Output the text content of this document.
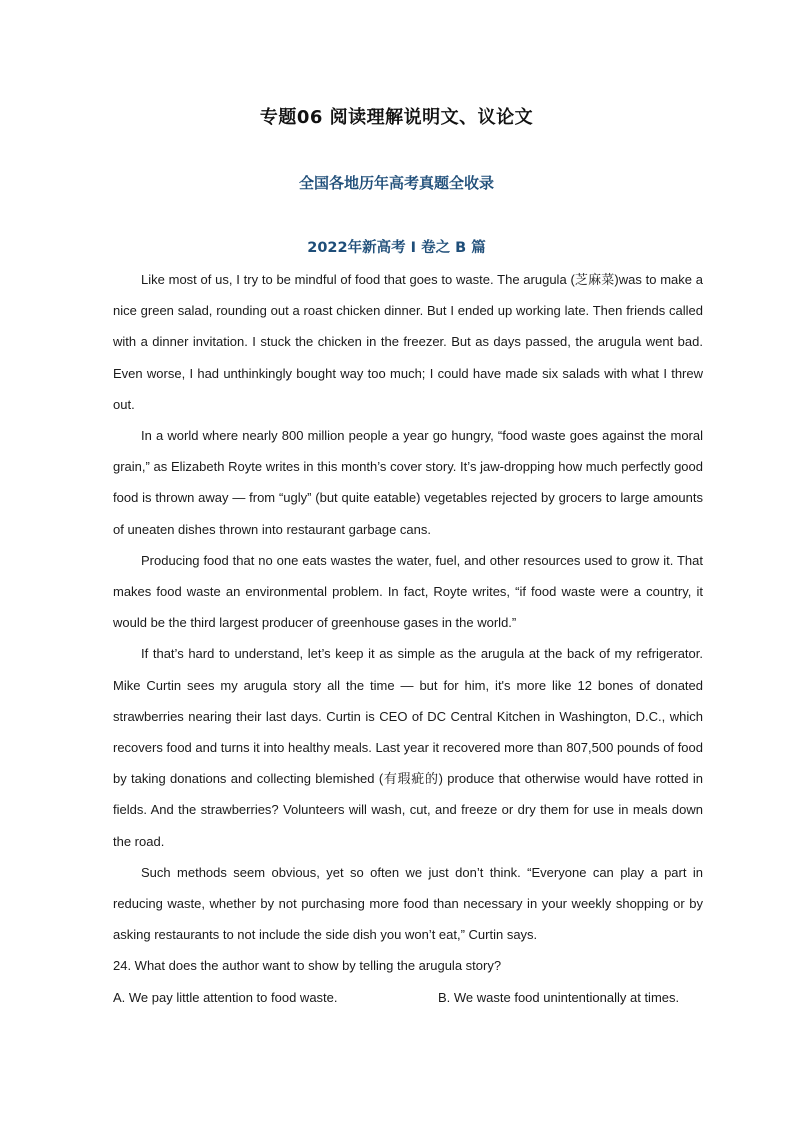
专题06 阅读理解说明文、议论文
全国各地历年高考真题全收录
2022年新高考 I 卷之 B 篇

Like most of us, I try to be mindful of food that goes to waste. The arugula (芝麻菜)was to make a nice green salad, rounding out a roast chicken dinner. But I ended up working late. Then friends called with a dinner invitation. I stuck the chicken in the freezer. But as days passed, the arugula went bad. Even worse, I had unthinkingly bought way too much; I could have made six salads with what I threw out.

In a world where nearly 800 million people a year go hungry, “food waste goes against the moral grain,” as Elizabeth Royte writes in this month’s cover story. It’s jaw-dropping how much perfectly good food is thrown away — from “ugly” (but quite eatable) vegetables rejected by grocers to large amounts of uneaten dishes thrown into restaurant garbage cans.

Producing food that no one eats wastes the water, fuel, and other resources used to grow it. That makes food waste an environmental problem. In fact, Royte writes, “if food waste were a country, it would be the third largest producer of greenhouse gases in the world.”

If that’s hard to understand, let’s keep it as simple as the arugula at the back of my refrigerator. Mike Curtin sees my arugula story all the time — but for him, it's more like 12 bones of donated strawberries nearing their last days. Curtin is CEO of DC Central Kitchen in Washington, D.C., which recovers food and turns it into healthy meals. Last year it recovered more than 807,500 pounds of food by taking donations and collecting blemished (有瑕疵的) produce that otherwise would have rotted in fields. And the strawberries? Volunteers will wash, cut, and freeze or dry them for use in meals down the road.

Such methods seem obvious, yet so often we just don’t think. “Everyone can play a part in reducing waste, whether by not purchasing more food than necessary in your weekly shopping or by asking restaurants to not include the side dish you won’t eat,” Curtin says.

24. What does the author want to show by telling the arugula story?

A. We pay little attention to food waste.	B. We waste food unintentionally at times.
